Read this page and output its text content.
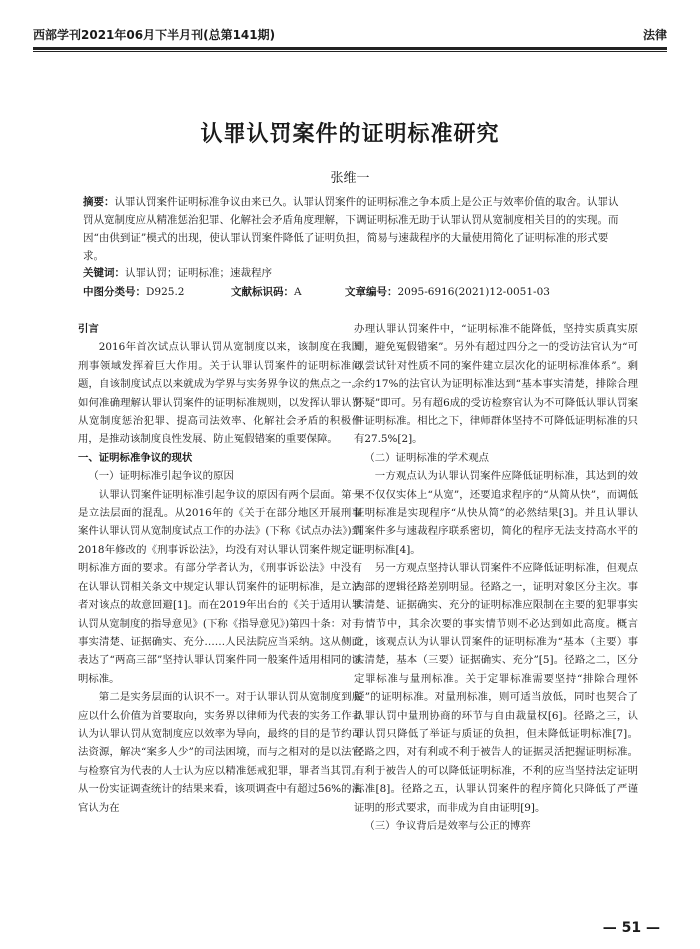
西部学刊2021年06月下半月刊(总第141期)	法律
认罪认罚案件的证明标准研究
张维一
摘要：认罪认罚案件证明标准争议由来已久。认罪认罚案件的证明标准之争本质上是公正与效率价值的取舍。认罪认罚从宽制度应从精准惩治犯罪、化解社会矛盾角度理解，下调证明标准无助于认罪认罚从宽制度相关目的的实现。而因“由供到证”模式的出现，使认罪认罚案件降低了证明负担，简易与速裁程序的大量使用简化了证明标准的形式要求。
关键词：认罪认罚；证明标准；速裁程序
中图分类号：D925.2	文献标识码：A	文章编号：2095-6916(2021)12-0051-03
引言

2016年首次试点认罪认罚从宽制度以来，该制度在我国刑事领域发挥着巨大作用。关于认罪认罚案件的证明标准问题，自该制度试点以来就成为学界与实务界争议的焦点之一。如何准确理解认罪认罚案件的证明标准规则，以发挥认罪认罚从宽制度惩治犯罪、提高司法效率、化解社会矛盾的积极作用，是推动该制度良性发展、防止冤假错案的重要保障。

一、证明标准争议的现状
（一）证明标准引起争议的原因

认罪认罚案件证明标准引起争议的原因有两个层面。第一是立法层面的混乱。从2016年的《关于在部分地区开展刑事案件认罪认罚从宽制度试点工作的办法》(下称《试点办法》)到2018年修改的《刑事诉讼法》，均没有对认罪认罚案件规定证明标准方面的要求。有部分学者认为，《刑事诉讼法》中没有在认罪认罚相关条文中规定认罪认罚案件的证明标准，是立法者对该点的故意回避[1]。而在2019年出台的《关于适用认罪认罚从宽制度的指导意见》(下称《指导意见》)第四十条：对于事实清楚、证据确实、充分……人民法院应当采纳。这从侧面表达了“两高三部”坚持认罪认罚案件同一般案件适用相同的证明标准。

第二是实务层面的认识不一。对于认罪认罚从宽制度到底应以什么价值为首要取向，实务界以律师为代表的实务工作者认为认罪认罚从宽制度应以效率为导向，最终的目的是节约司法资源，解决“案多人少”的司法困境，而与之相对的是以法官与检察官为代表的人士认为应以精准惩戒犯罪，罪者当其罚。从一份实证调查统计的结果来看，该项调查中有超过56%的法官认为在

办理认罪认罚案件中，“证明标准不能降低，坚持实质真实原则，避免冤假错案”。另外有超过四分之一的受访法官认为“可以尝试针对性质不同的案件建立层次化的证明标准体系”。剩余约17%的法官认为证明标准达到“基本事实清楚，排除合理怀疑”即可。另有超6成的受访检察官认为不可降低认罪认罚案件证明标准。相比之下，律师群体坚持不可降低证明标准的只有27.5%[2]。

（二）证明标准的学术观点

一方观点认为认罪认罚案件应降低证明标准，其达到的效果不仅仅实体上“从宽”，还要追求程序的“从简从快”，而调低证明标准是实现程序“从快从简”的必然结果[3]。并且认罪认罚案件多与速裁程序联系密切，简化的程序无法支持高水平的证明标准[4]。

另一方观点坚持认罪认罚案件不应降低证明标准，但观点内部的逻辑径路差别明显。径路之一，证明对象区分主次。事实清楚、证据确实、充分的证明标准应限制在主要的犯罪事实与情节中，其余次要的事实情节则不必达到如此高度。概言之，该观点认为认罪认罚案件的证明标准为“基本（主要）事实清楚，基本（三要）证据确实、充分”[5]。径路之二，区分定罪标准与量刑标准。关于定罪标准需要坚持“排除合理怀疑”的证明标准。对量刑标准，则可适当放低，同时也契合了认罪认罚中量刑协商的环节与自由裁量权[6]。径路之三，认罪认罚只降低了举证与质证的负担，但未降低证明标准[7]。径路之四，对有利或不利于被告人的证据灵活把握证明标准。有利于被告人的可以降低证明标准，不利的应当坚持法定证明标准[8]。径路之五，认罪认罚案件的程序简化只降低了严谨证明的形式要求，而非成为自由证明[9]。

（三）争议背后是效率与公正的博弈
— 51 —
